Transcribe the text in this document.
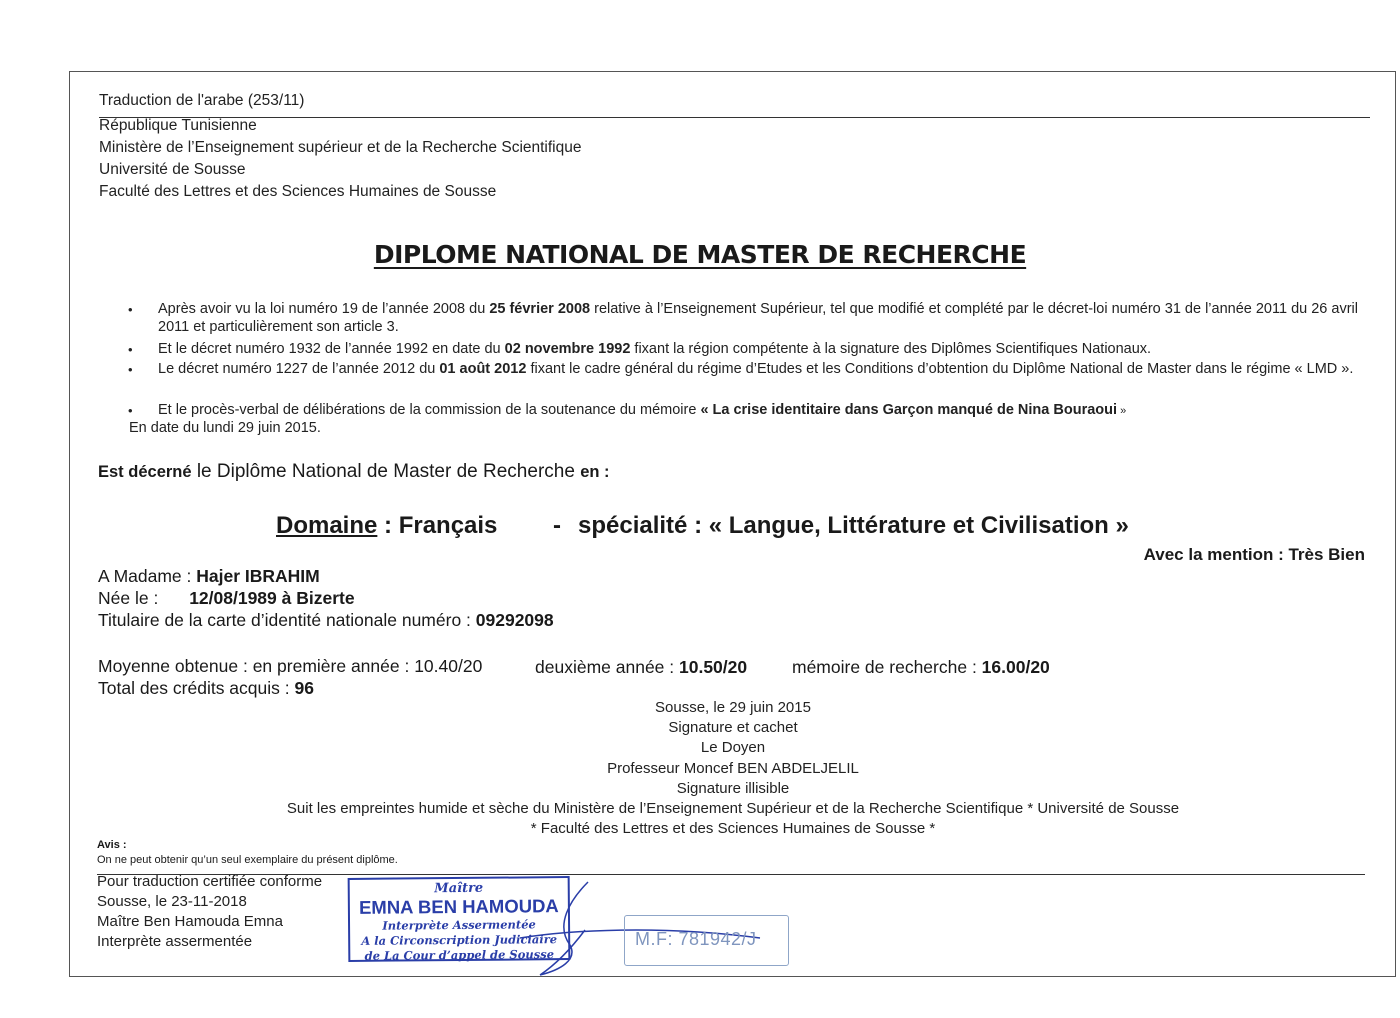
Traduction de l'arabe (253/11)
République Tunisienne
Ministère de l’Enseignement supérieur et de la Recherche Scientifique
Université de Sousse
Faculté des Lettres et des Sciences Humaines de Sousse
DIPLOME NATIONAL DE MASTER DE RECHERCHE
• Après avoir vu la loi numéro 19 de l’année 2008 du 25 février 2008 relative à l’Enseignement Supérieur, tel que modifié et complété par le décret-loi numéro 31 de l’année 2011 du 26 avril 2011 et particulièrement son article 3.
• Et le décret numéro 1932 de l’année 1992 en date du 02 novembre 1992 fixant la région compétente à la signature des Diplômes Scientifiques Nationaux.
• Le décret numéro 1227 de l’année 2012 du 01 août 2012 fixant le cadre général du régime d’Etudes et les Conditions d’obtention du Diplôme National de Master dans le régime « LMD ».
• Et le procès-verbal de délibérations de la commission de la soutenance du mémoire « La crise identitaire dans Garçon manqué de Nina Bouraoui »
En date du lundi 29 juin 2015.
Est décerné le Diplôme National de Master de Recherche en :
Domaine : Français - spécialité : « Langue, Littérature et Civilisation »
Avec la mention : Très Bien
A Madame : Hajer IBRAHIM
Née le : 12/08/1989 à Bizerte
Titulaire de la carte d’identité nationale numéro : 09292098
Moyenne obtenue : en première année : 10.40/20	deuxième année : 10.50/20	mémoire de recherche : 16.00/20
Total des crédits acquis : 96
Sousse, le 29 juin 2015
Signature et cachet
Le Doyen
Professeur Moncef BEN ABDELJELIL
Signature illisible
Suit les empreintes humide et sèche du Ministère de l’Enseignement Supérieur et de la Recherche Scientifique * Université de Sousse
* Faculté des Lettres et des Sciences Humaines de Sousse *
Avis :
On ne peut obtenir qu’un seul exemplaire du présent diplôme.
Pour traduction certifiée conforme
Sousse, le 23-11-2018
Maître Ben Hamouda Emna
Interprète assermentée
Maître
EMNA BEN HAMOUDA
Interprète Assermentée
A la Circonscription Judiciaire
de La Cour d’appel de Sousse
M.F: 781942/J
